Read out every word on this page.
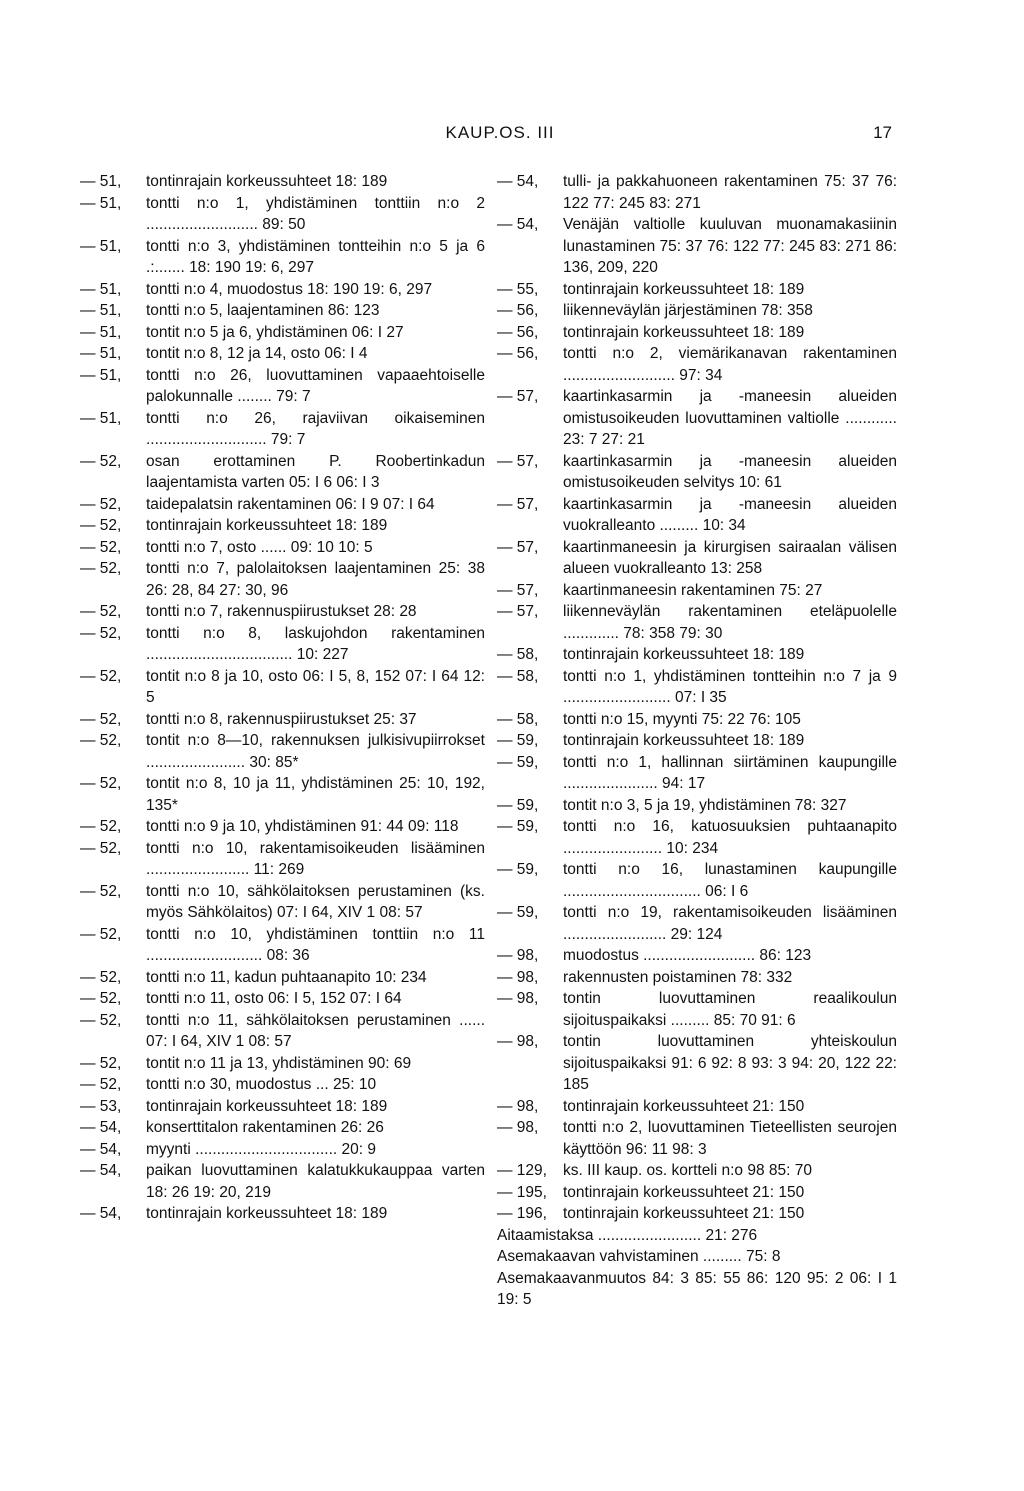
KAUP.OS. III	17
— 51, tontinrajain korkeussuhteet 18: 189
— 51, tontti n:o 1, yhdistäminen tonttiin n:o 2 .......................... 89: 50
— 51, tontti n:o 3, yhdistäminen tontteihin n:o 5 ja 6 .:....... 18: 190 19: 6, 297
— 51, tontti n:o 4, muodostus 18: 190 19: 6, 297
— 51, tontti n:o 5, laajentaminen 86: 123
— 51, tontit n:o 5 ja 6, yhdistäminen 06: I 27
— 51, tontit n:o 8, 12 ja 14, osto 06: I 4
— 51, tontti n:o 26, luovuttaminen vapaaehtoiselle palokunnalle ........ 79: 7
— 51, tontti n:o 26, rajaviivan oikaiseminen ............................ 79: 7
— 52, osan erottaminen P. Roobertinkadun laajentamista varten 05: I 6 06: I 3
— 52, taidepalatsin rakentaminen 06: I 9 07: I 64
— 52, tontinrajain korkeussuhteet 18: 189
— 52, tontti n:o 7, osto ...... 09: 10 10: 5
— 52, tontti n:o 7, palolaitoksen laajentaminen 25: 38 26: 28, 84 27: 30, 96
— 52, tontti n:o 7, rakennuspiirustukset 28: 28
— 52, tontti n:o 8, laskujohdon rakentaminen .................................. 10: 227
— 52, tontit n:o 8 ja 10, osto 06: I 5, 8, 152 07: I 64 12: 5
— 52, tontti n:o 8, rakennuspiirustukset 25: 37
— 52, tontit n:o 8—10, rakennuksen julkisivupiirrokset ....................... 30: 85*
— 52, tontit n:o 8, 10 ja 11, yhdistäminen 25: 10, 192, 135*
— 52, tontti n:o 9 ja 10, yhdistäminen 91: 44 09: 118
— 52, tontti n:o 10, rakentamisoikeuden lisääminen ........................ 11: 269
— 52, tontti n:o 10, sähkölaitoksen perustaminen (ks. myös Sähkölaitos) 07: I 64, XIV 1 08: 57
— 52, tontti n:o 10, yhdistäminen tonttiin n:o 11 ........................... 08: 36
— 52, tontti n:o 11, kadun puhtaanapito 10: 234
— 52, tontti n:o 11, osto 06: I 5, 152 07: I 64
— 52, tontti n:o 11, sähkölaitoksen perustaminen ...... 07: I 64, XIV 1 08: 57
— 52, tontit n:o 11 ja 13, yhdistäminen 90: 69
— 52, tontti n:o 30, muodostus ... 25: 10
— 53, tontinrajain korkeussuhteet 18: 189
— 54, konserttitalon rakentaminen 26: 26
— 54, myynti ................................. 20: 9
— 54, paikan luovuttaminen kalatukkukauppaa varten 18: 26 19: 20, 219
— 54, tontinrajain korkeussuhteet 18: 189
— 54, tulli- ja pakkahuoneen rakentaminen 75: 37 76: 122 77: 245 83: 271
— 54, Venäjän valtiolle kuuluvan muonamakasiinin lunastaminen 75: 37 76: 122 77: 245 83: 271 86: 136, 209, 220
— 55, tontinrajain korkeussuhteet 18: 189
— 56, liikenneväylän järjestäminen 78: 358
— 56, tontinrajain korkeussuhteet 18: 189
— 56, tontti n:o 2, viemärikanavan rakentaminen .......................... 97: 34
— 57, kaartinkasarmin ja -maneesin alueiden omistusoikeuden luovuttaminen valtiolle ............ 23: 7 27: 21
— 57, kaartinkasarmin ja -maneesin alueiden omistusoikeuden selvitys 10: 61
— 57, kaartinkasarmin ja -maneesin alueiden vuokralleanto ......... 10: 34
— 57, kaartinmaneesin ja kirurgisen sairaalan välisen alueen vuokralleanto 13: 258
— 57, kaartinmaneesin rakentaminen 75: 27
— 57, liikenneväylän rakentaminen eteläpuolelle ............. 78: 358 79: 30
— 58, tontinrajain korkeussuhteet 18: 189
— 58, tontti n:o 1, yhdistäminen tontteihin n:o 7 ja 9 ......................... 07: I 35
— 58, tontti n:o 15, myynti 75: 22 76: 105
— 59, tontinrajain korkeussuhteet 18: 189
— 59, tontti n:o 1, hallinnan siirtäminen kaupungille ...................... 94: 17
— 59, tontit n:o 3, 5 ja 19, yhdistäminen 78: 327
— 59, tontti n:o 16, katuosuuksien puhtaanapito ....................... 10: 234
— 59, tontti n:o 16, lunastaminen kaupungille ................................ 06: I 6
— 59, tontti n:o 19, rakentamisoikeuden lisääminen ........................ 29: 124
— 98, muodostus .......................... 86: 123
— 98, rakennusten poistaminen 78: 332
— 98, tontin luovuttaminen reaalikoulun sijoituspaikaksi ......... 85: 70 91: 6
— 98, tontin luovuttaminen yhteiskoulun sijoituspaikaksi 91: 6 92: 8 93: 3 94: 20, 122 22: 185
— 98, tontinrajain korkeussuhteet 21: 150
— 98, tontti n:o 2, luovuttaminen Tieteellisten seurojen käyttöön 96: 11 98: 3
— 129, ks. III kaup. os. kortteli n:o 98 85: 70
— 195, tontinrajain korkeussuhteet 21: 150
— 196, tontinrajain korkeussuhteet 21: 150
Aitaamistaksa ........................ 21: 276
Asemakaavan vahvistaminen ......... 75: 8
Asemakaavanmuutos 84: 3 85: 55 86: 120 95: 2 06: I 1 19: 5
